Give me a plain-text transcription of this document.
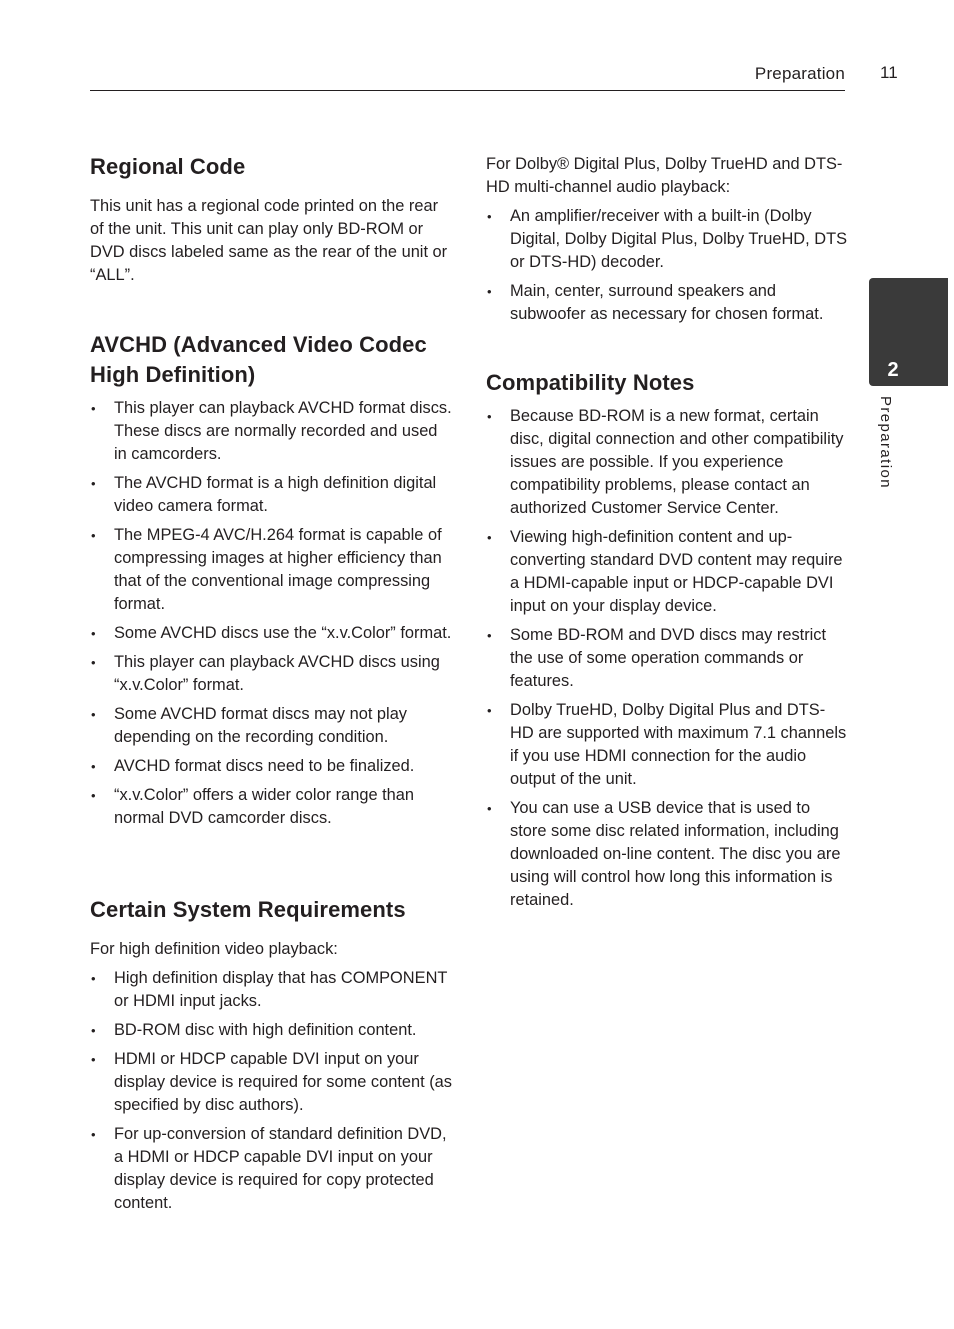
Preparation 11
2
Preparation
Regional Code

This unit has a regional code printed on the rear of the unit. This unit can play only BD-ROM or DVD discs labeled same as the rear of the unit or “ALL”.

AVCHD (Advanced Video Codec High Definition)
• This player can playback AVCHD format discs. These discs are normally recorded and used in camcorders.
• The AVCHD format is a high definition digital video camera format.
• The MPEG-4 AVC/H.264 format is capable of compressing images at higher efficiency than that of the conventional image compressing format.
• Some AVCHD discs use the “x.v.Color” format.
• This player can playback AVCHD discs using “x.v.Color” format.
• Some AVCHD format discs may not play depending on the recording condition.
• AVCHD format discs need to be finalized.
• “x.v.Color” offers a wider color range than normal DVD camcorder discs.
Certain System Requirements

For high definition video playback:

• High definition display that has COMPONENT or HDMI input jacks.
• BD-ROM disc with high definition content.
• HDMI or HDCP capable DVI input on your display device is required for some content (as specified by disc authors).
• For up-conversion of standard definition DVD, a HDMI or HDCP capable DVI input on your display device is required for copy protected content.

For Dolby® Digital Plus, Dolby TrueHD and DTS-HD multi-channel audio playback:

• An amplifier/receiver with a built-in (Dolby Digital, Dolby Digital Plus, Dolby TrueHD, DTS or DTS-HD) decoder.
• Main, center, surround speakers and subwoofer as necessary for chosen format.
Compatibility Notes
• Because BD-ROM is a new format, certain disc, digital connection and other compatibility issues are possible. If you experience compatibility problems, please contact an authorized Customer Service Center.
• Viewing high-definition content and up-converting standard DVD content may require a HDMI-capable input or HDCP-capable DVI input on your display device.
• Some BD-ROM and DVD discs may restrict the use of some operation commands or features.
• Dolby TrueHD, Dolby Digital Plus and DTS-HD are supported with maximum 7.1 channels if you use HDMI connection for the audio output of the unit.
• You can use a USB device that is used to store some disc related information, including downloaded on-line content. The disc you are using will control how long this information is retained.
